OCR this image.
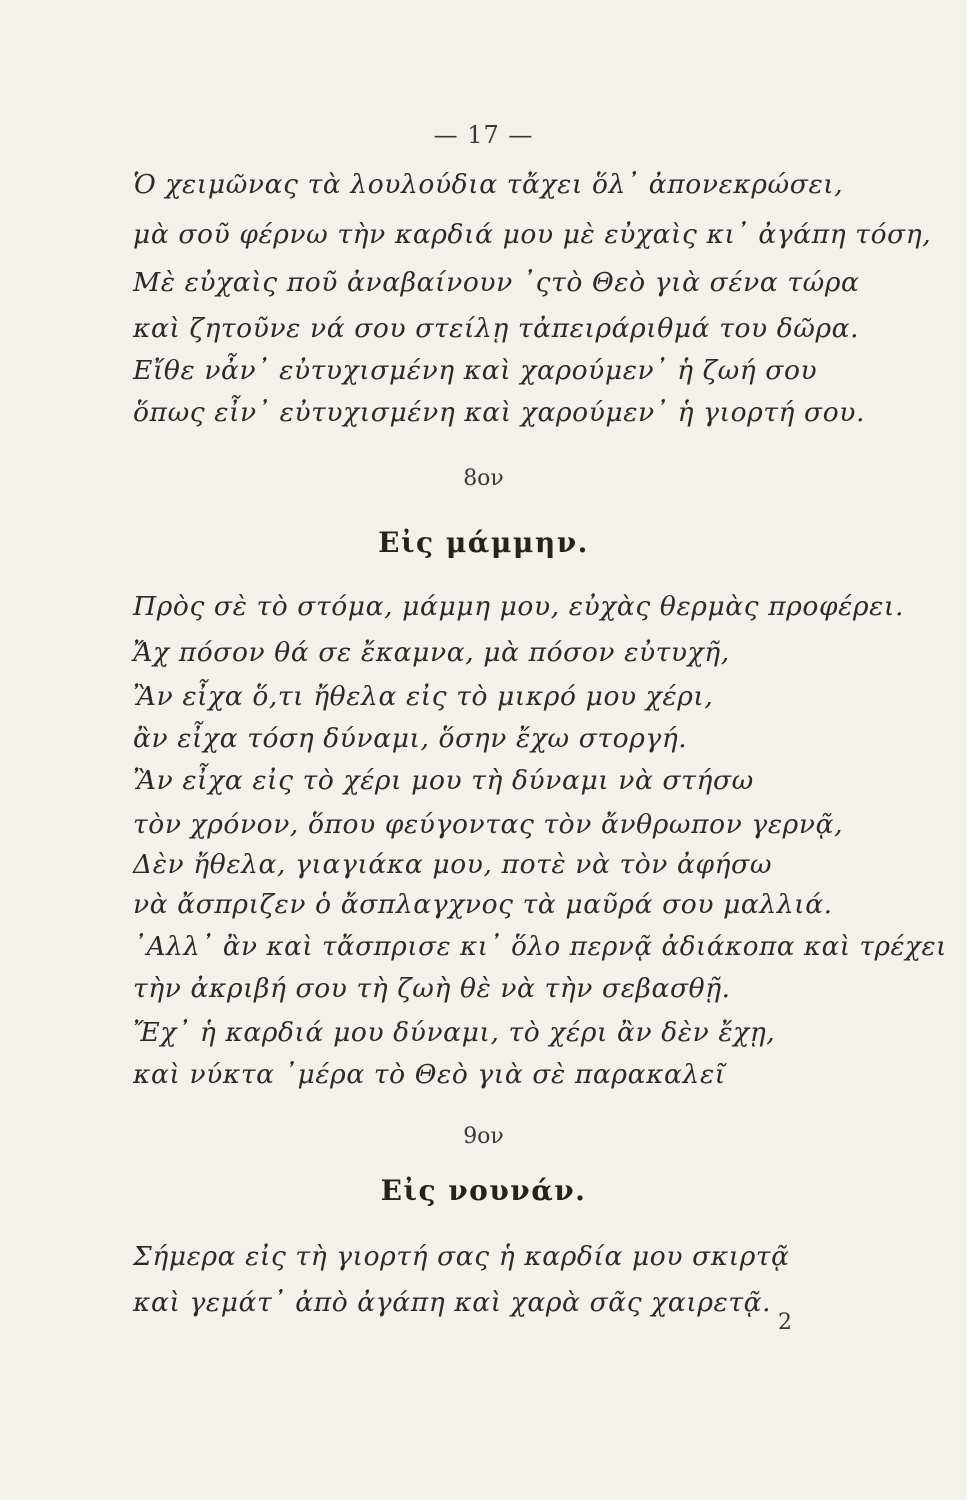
— 17 —
Ὁ χειμῶνας τὰ λουλούδια τἄχει ὅλ᾽ ἀπονεκρώσει,
μὰ σοῦ φέρνω τὴν καρδιά μου μὲ εὐχαὶς κι᾽ ἀγάπη τόση,
Μὲ εὐχαὶς ποῦ ἀναβαίνουν ᾽ςτὸ Θεὸ γιὰ σένα τώρα
καὶ ζητοῦνε νά σου στείλῃ τἀπειράριθμά του δῶρα.
Εἴθε νἆν᾽ εὐτυχισμένη καὶ χαρούμεν᾽ ἡ ζωή σου
ὅπως εἶν᾽ εὐτυχισμένη καὶ χαρούμεν᾽ ἡ γιορτή σου.
8ον
Εἰς μάμμην.
Πρὸς σὲ τὸ στόμα, μάμμη μου, εὐχὰς θερμὰς προφέρει.
Ἄχ πόσον θά σε ἔκαμνα, μὰ πόσον εὐτυχῆ,
Ἂν εἶχα ὅ,τι ἤθελα εἰς τὸ μικρό μου χέρι,
ἂν εἶχα τόση δύναμι, ὅσην ἔχω στοργή.
Ἂν εἶχα εἰς τὸ χέρι μου τὴ δύναμι νὰ στήσω
τὸν χρόνον, ὅπου φεύγοντας τὸν ἄνθρωπον γερνᾷ,
Δὲν ἤθελα, γιαγιάκα μου, ποτὲ νὰ τὸν ἀφήσω
νὰ ἄσπριζεν ὁ ἄσπλαγχνος τὰ μαῦρά σου μαλλιά.
᾽Αλλ᾽ ἂν καὶ τἄσπρισε κι᾽ ὅλο περνᾷ ἀδιάκοπα καὶ τρέχει
τὴν ἀκριβή σου τὴ ζωὴ θὲ νὰ τὴν σεβασθῇ.
Ἔχ᾽ ἡ καρδιά μου δύναμι, τὸ χέρι ἂν δὲν ἔχῃ,
καὶ νύκτα ᾽μέρα τὸ Θεὸ γιὰ σὲ παρακαλεῖ
9ον
Εἰς νουνάν.
Σήμερα εἰς τὴ γιορτή σας ἡ καρδία μου σκιρτᾷ
καὶ γεμάτ᾽ ἀπὸ ἀγάπη καὶ χαρὰ σᾶς χαιρετᾷ.
2
